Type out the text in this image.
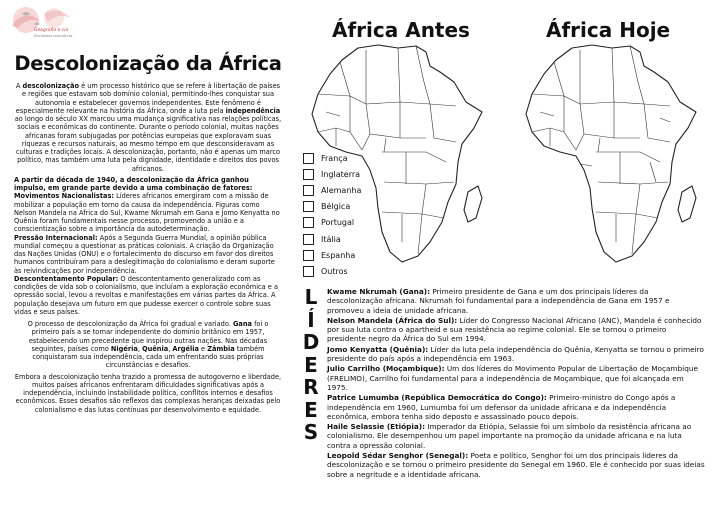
Geografia e cia
Atividades educativas
Descolonização da África

A descolonização é um processo histórico que se refere à libertação de países e regiões que estavam sob domínio colonial, permitindo-lhes conquistar sua autonomia e estabelecer governos independentes. Este fenômeno é especialmente relevante na história da África, onde a luta pela independência ao longo do século XX marcou uma mudança significativa nas relações políticas, sociais e econômicas do continente. Durante o período colonial, muitas nações africanas foram subjugadas por potências europeias que exploravam suas riquezas e recursos naturais, ao mesmo tempo em que desconsideravam as culturas e tradições locais. A descolonização, portanto, não é apenas um marco político, mas também uma luta pela dignidade, identidade e direitos dos povos africanos.

A partir da década de 1940, a descolonização da África ganhou impulso, em grande parte devido a uma combinação de fatores:

Movimentos Nacionalistas: Líderes africanos emergiram com a missão de mobilizar a população em torno da causa da independência. Figuras como Nelson Mandela na África do Sul, Kwame Nkrumah em Gana e Jomo Kenyatta no Quênia foram fundamentais nesse processo, promovendo a união e a conscientização sobre a importância da autodeterminação.

Pressão Internacional: Após a Segunda Guerra Mundial, a opinião pública mundial começou a questionar as práticas coloniais. A criação da Organização das Nações Unidas (ONU) e o fortalecimento do discurso em favor dos direitos humanos contribuíram para a deslegitimação do colonialismo e deram suporte às reivindicações por independência.

Descontentamento Popular: O descontentamento generalizado com as condições de vida sob o colonialismo, que incluíam a exploração econômica e a opressão social, levou a revoltas e manifestações em várias partes da África. A população desejava um futuro em que pudesse exercer o controle sobre suas vidas e seus países.

O processo de descolonização da África foi gradual e variado. Gana foi o primeiro país a se tornar independente do domínio britânico em 1957, estabelecendo um precedente que inspirou outras nações. Nas décadas seguintes, países como Nigéria, Quênia, Argélia e Zâmbia também conquistaram sua independência, cada um enfrentando suas próprias circunstâncias e desafios.

Embora a descolonização tenha trazido a promessa de autogoverno e liberdade, muitos países africanos enfrentaram dificuldades significativas após a independência, incluindo instabilidade política, conflitos internos e desafios econômicos. Esses desafios são reflexos das complexas heranças deixadas pelo colonialismo e das lutas contínuas por desenvolvimento e equidade.

África Antes	África Hoje
França
Inglaterra
Alemanha
Bélgica
Portugal
Itália
Espanha
Outros
L
Í
D
E
R
E
S

Kwame Nkrumah (Gana): Primeiro presidente de Gana e um dos principais líderes da descolonização africana. Nkrumah foi fundamental para a independência de Gana em 1957 e promoveu a ideia de unidade africana.

Nelson Mandela (África do Sul): Líder do Congresso Nacional Africano (ANC), Mandela é conhecido por sua luta contra o apartheid e sua resistência ao regime colonial. Ele se tornou o primeiro presidente negro da África do Sul em 1994.

Jomo Kenyatta (Quênia): Líder da luta pela independência do Quênia, Kenyatta se tornou o primeiro presidente do país após a independência em 1963.

Julio Carrilho (Moçambique): Um dos líderes do Movimento Popular de Libertação de Moçambique (FRELIMO), Carrilho foi fundamental para a independência de Moçambique, que foi alcançada em 1975.

Patrice Lumumba (República Democrática do Congo): Primeiro-ministro do Congo após a independência em 1960, Lumumba foi um defensor da unidade africana e da independência econômica, embora tenha sido deposto e assassinado pouco depois.

Haile Selassie (Etiópia): Imperador da Etiópia, Selassie foi um símbolo da resistência africana ao colonialismo. Ele desempenhou um papel importante na promoção da unidade africana e na luta contra a opressão colonial.

Leopold Sédar Senghor (Senegal): Poeta e político, Senghor foi um dos principais líderes da descolonização e se tornou o primeiro presidente do Senegal em 1960. Ele é conhecido por suas ideias sobre a negritude e a identidade africana.
